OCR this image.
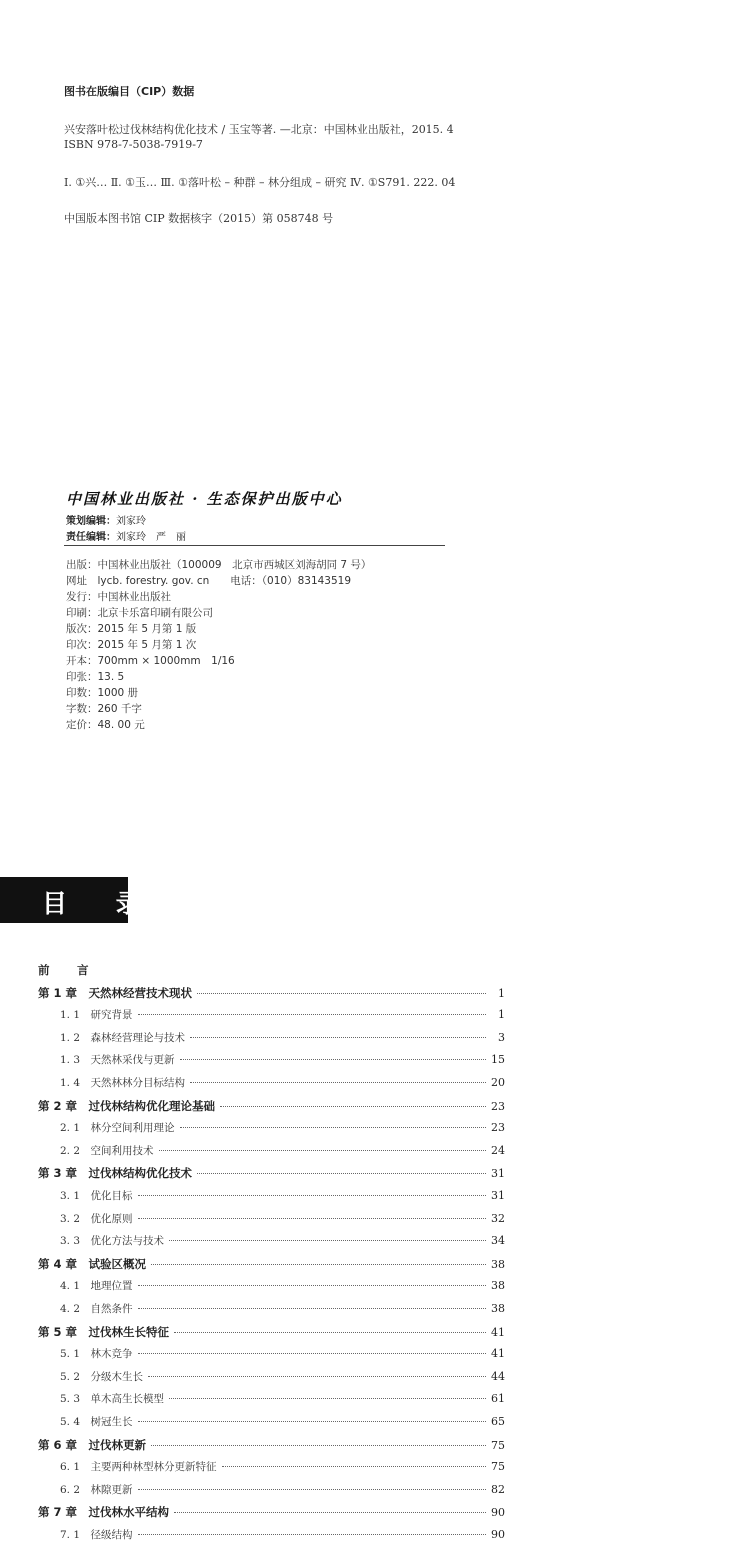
图书在版编目（CIP）数据
兴安落叶松过伐林结构优化技术 / 玉宝等著. —北京：中国林业出版社，2015. 4
ISBN 978-7-5038-7919-7
Ⅰ. ①兴… Ⅱ. ①玉… Ⅲ. ①落叶松 – 种群 – 林分组成 – 研究 Ⅳ. ①S791. 222. 04
中国版本图书馆 CIP 数据核字（2015）第 058748 号
中国林业出版社 · 生态保护出版中心
策划编辑：刘家玲
责任编辑：刘家玲　严　丽
出版：中国林业出版社（100009　北京市西城区刘海胡同 7 号）
网址　lycb. forestry. gov. cn　　电话：（010）83143519
发行：中国林业出版社
印刷：北京卡乐富印刷有限公司
版次：2015 年 5 月第 1 版
印次：2015 年 5 月第 1 次
开本：700mm × 1000mm　1/16
印张：13. 5
印数：1000 册
字数：260 千字
定价：48. 00 元
目 录
前　言
第 1 章　天然林经营技术现状	1
1. 1　研究背景	1
1. 2　森林经营理论与技术	3
1. 3　天然林采伐与更新	15
1. 4　天然林林分目标结构	20
第 2 章　过伐林结构优化理论基础	23
2. 1　林分空间利用理论	23
2. 2　空间利用技术	24
第 3 章　过伐林结构优化技术	31
3. 1　优化目标	31
3. 2　优化原则	32
3. 3　优化方法与技术	34
第 4 章　试验区概况	38
4. 1　地理位置	38
4. 2　自然条件	38
第 5 章　过伐林生长特征	41
5. 1　林木竞争	41
5. 2　分级木生长	44
5. 3　单木高生长模型	61
5. 4　树冠生长	65
第 6 章　过伐林更新	75
6. 1　主要两种林型林分更新特征	75
6. 2　林隙更新	82
第 7 章　过伐林水平结构	90
7. 1　径级结构	90
